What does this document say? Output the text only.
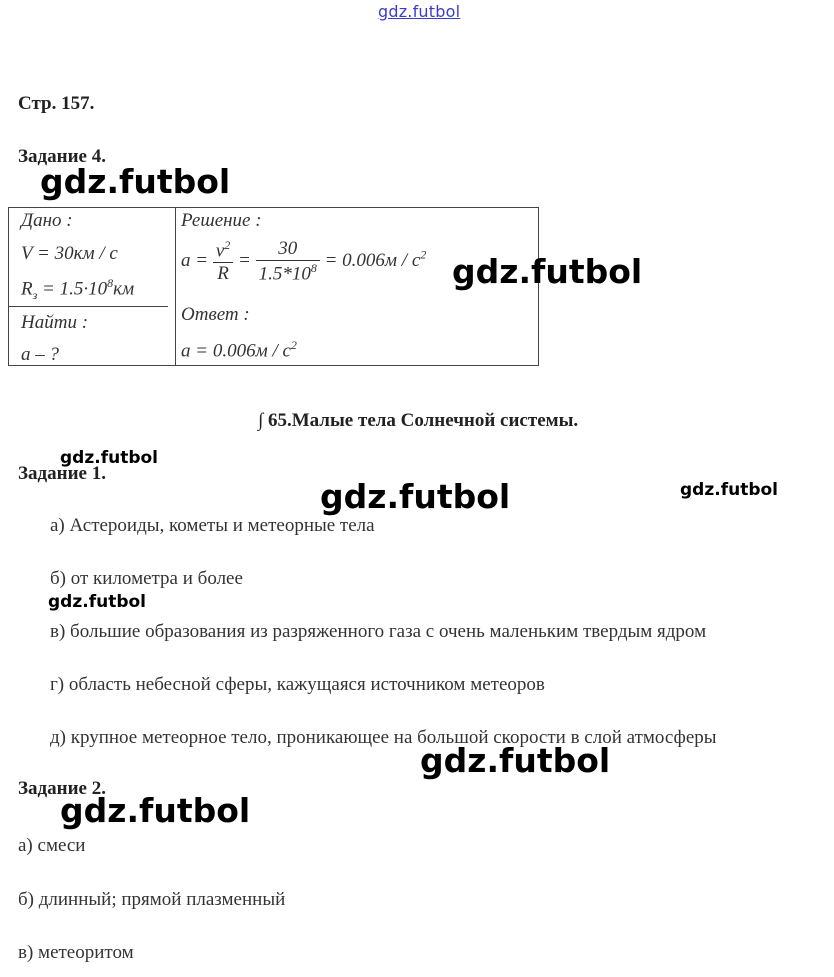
gdz.futbol
Стр. 157.
Задание 4.
gdz.futbol
Дано :
V = 30км / с
$R_з = 1.5\cdot 10^8км$
Найти :
a – ?
Решение :
$a = \frac{v^2}{R} = \frac{30}{1.5*10^8} = 0.006м / с^2$
Ответ :
$a = 0.006м / с^2$
gdz.futbol
∫ 65.Малые тела Солнечной системы.
gdz.futbol
Задание 1.
gdz.futbol	gdz.futbol
а) Астероиды, кометы и метеорные тела
б) от километра и более
gdz.futbol
в) большие образования из разряженного газа с очень маленьким твердым ядром
г) область небесной сферы, кажущаяся источником метеоров
д) крупное метеорное тело, проникающее на большой скорости в слой атмосферы
gdz.futbol
Задание 2.
gdz.futbol
а) смеси
б) длинный; прямой плазменный
в) метеоритом
